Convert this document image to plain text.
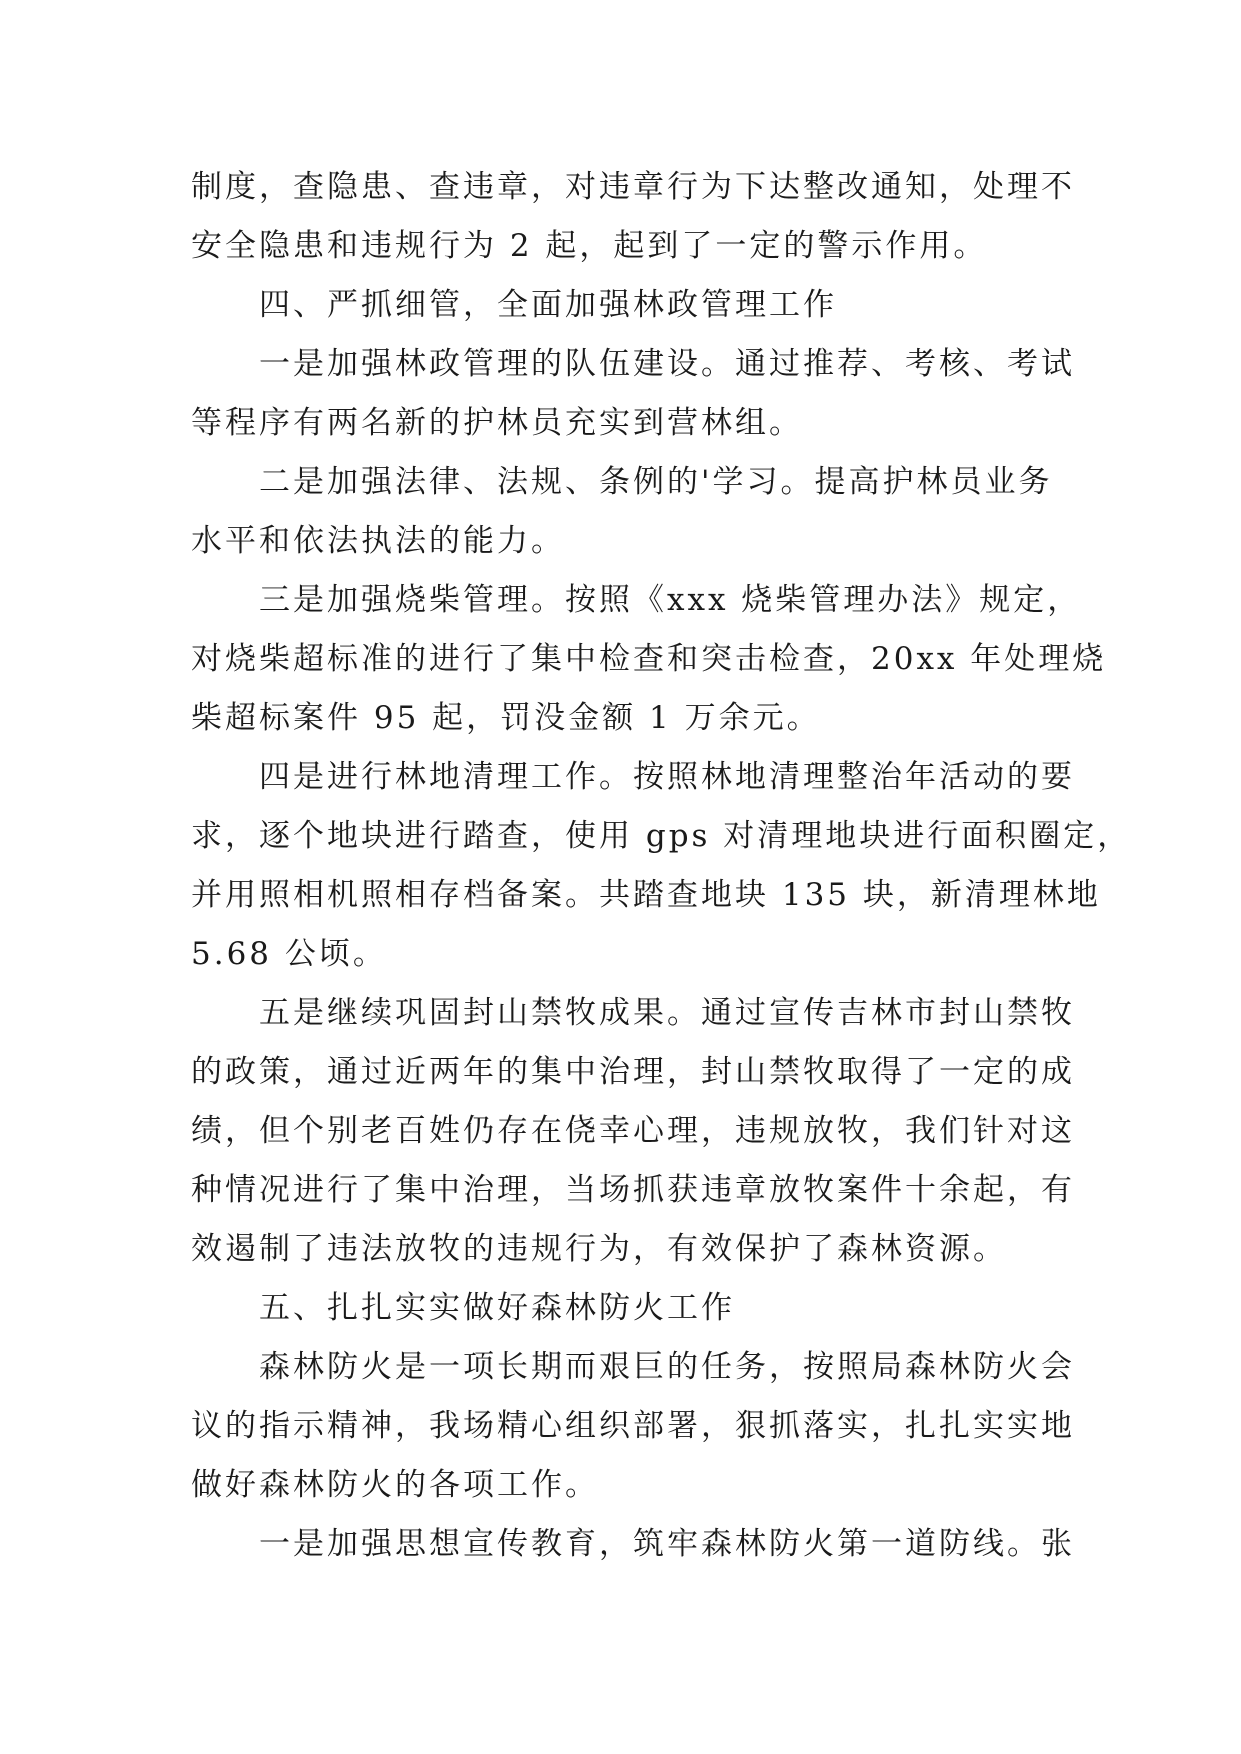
制度，查隐患、查违章，对违章行为下达整改通知，处理不
安全隐患和违规行为 2 起，起到了一定的警示作用。
四、严抓细管，全面加强林政管理工作
一是加强林政管理的队伍建设。通过推荐、考核、考试
等程序有两名新的护林员充实到营林组。
二是加强法律、法规、条例的'学习。提高护林员业务
水平和依法执法的能力。
三是加强烧柴管理。按照《xxx 烧柴管理办法》规定，
对烧柴超标准的进行了集中检查和突击检查，20xx 年处理烧
柴超标案件 95 起，罚没金额 1 万余元。
四是进行林地清理工作。按照林地清理整治年活动的要
求，逐个地块进行踏查，使用 gps 对清理地块进行面积圈定，
并用照相机照相存档备案。共踏查地块 135 块，新清理林地
5.68 公顷。
五是继续巩固封山禁牧成果。通过宣传吉林市封山禁牧
的政策，通过近两年的集中治理，封山禁牧取得了一定的成
绩，但个别老百姓仍存在侥幸心理，违规放牧，我们针对这
种情况进行了集中治理，当场抓获违章放牧案件十余起，有
效遏制了违法放牧的违规行为，有效保护了森林资源。
五、扎扎实实做好森林防火工作
森林防火是一项长期而艰巨的任务，按照局森林防火会
议的指示精神，我场精心组织部署，狠抓落实，扎扎实实地
做好森林防火的各项工作。
一是加强思想宣传教育，筑牢森林防火第一道防线。张
